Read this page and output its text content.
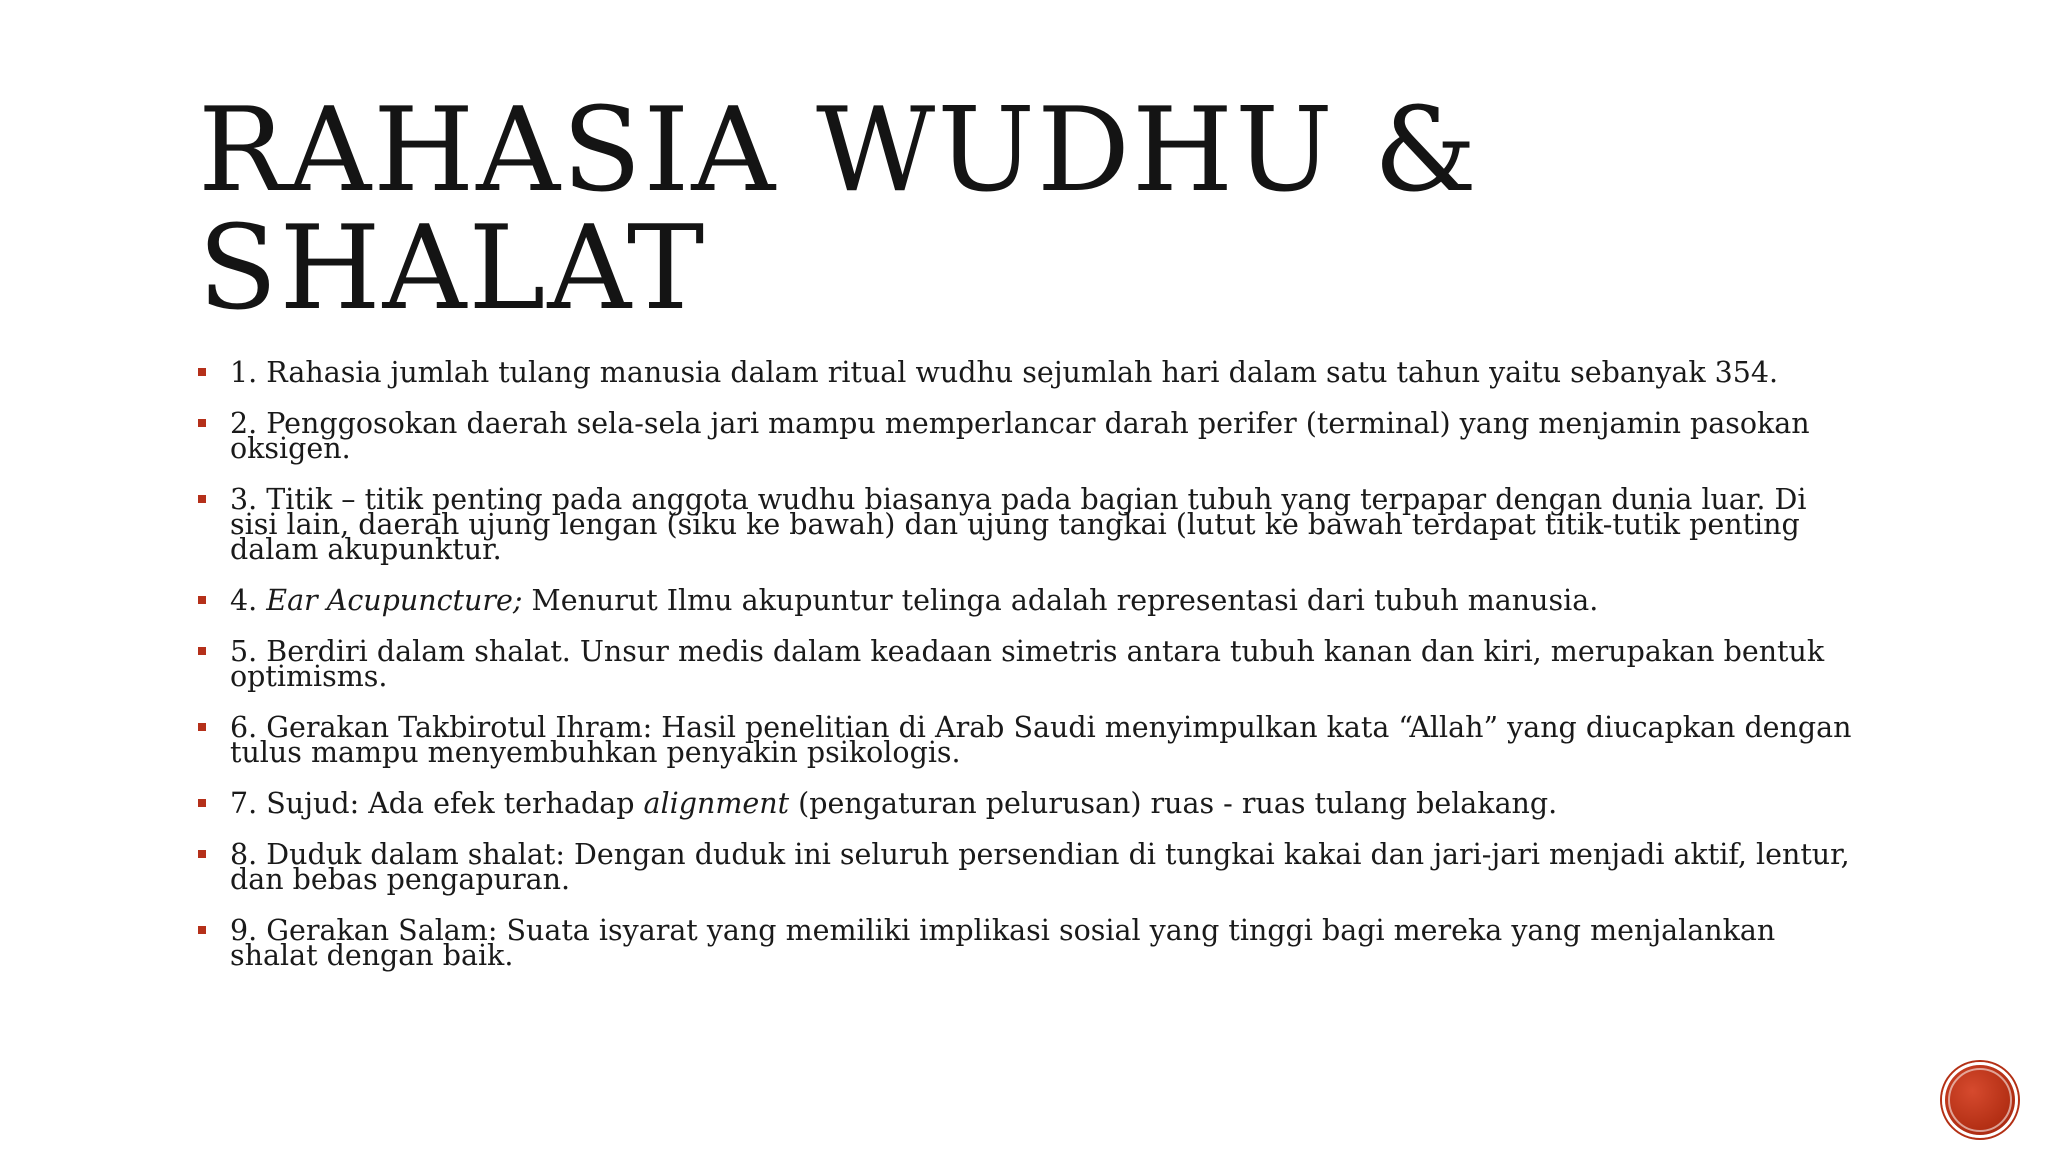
RAHASIA WUDHU & SHALAT
1. Rahasia jumlah tulang manusia dalam ritual wudhu sejumlah hari dalam satu tahun yaitu sebanyak 354.
2. Penggosokan daerah sela-sela jari mampu memperlancar darah perifer (terminal) yang menjamin pasokan oksigen.
3. Titik – titik penting pada anggota wudhu biasanya pada bagian tubuh yang terpapar dengan dunia luar. Di sisi lain, daerah ujung lengan (siku ke bawah) dan ujung tangkai (lutut ke bawah terdapat titik-tutik penting dalam akupunktur.
4. Ear Acupuncture; Menurut Ilmu akupuntur telinga adalah representasi dari tubuh manusia.
5. Berdiri dalam shalat. Unsur medis dalam keadaan simetris antara tubuh kanan dan kiri, merupakan bentuk optimisms.
6. Gerakan Takbirotul Ihram: Hasil penelitian di Arab Saudi menyimpulkan kata “Allah” yang diucapkan dengan tulus mampu menyembuhkan penyakin psikologis.
7. Sujud: Ada efek terhadap alignment (pengaturan pelurusan) ruas - ruas tulang belakang.
8. Duduk dalam shalat: Dengan duduk ini seluruh persendian di tungkai kakai dan jari-jari menjadi aktif, lentur, dan bebas pengapuran.
9. Gerakan Salam: Suata isyarat yang memiliki implikasi sosial yang tinggi bagi mereka yang menjalankan shalat dengan baik.
